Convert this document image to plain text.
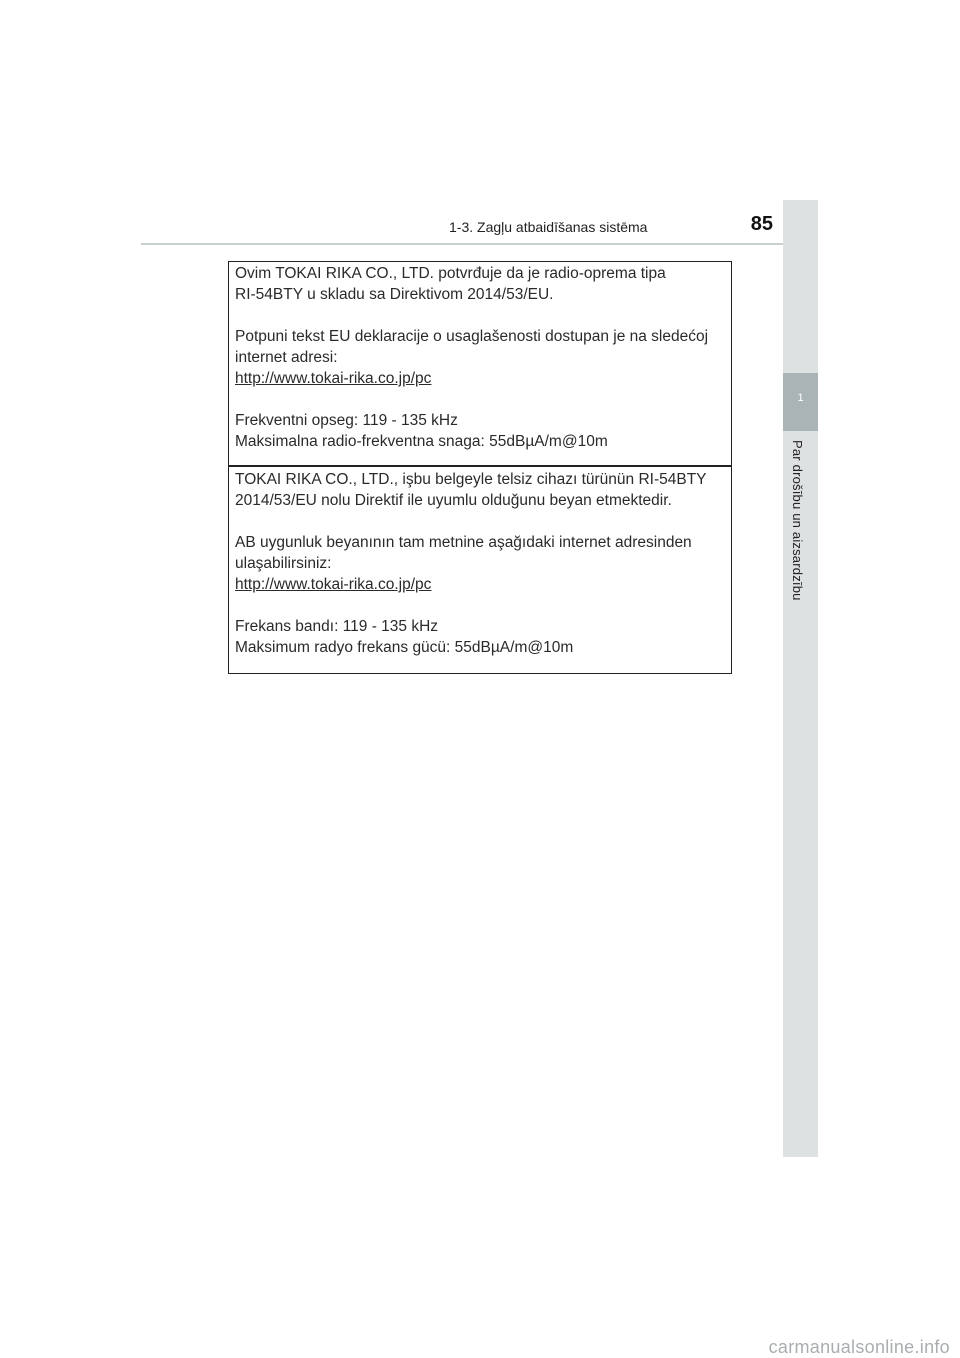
1-3. Zagļu atbaidīšanas sistēma	85
1
Par drošību un aizsardzību

Ovim TOKAI RIKA CO., LTD. potvrđuje da je radio-oprema tipa

RI-54BTY u skladu sa Direktivom 2014/53/EU.

Potpuni tekst EU deklaracije o usaglašenosti dostupan je na sledećoj

internet adresi:

http://www.tokai-rika.co.jp/pc

Frekventni opseg: 119 - 135 kHz

Maksimalna radio-frekventna snaga: 55dBµA/m@10m

TOKAI RIKA CO., LTD., işbu belgeyle telsiz cihazı türünün RI-54BTY

2014/53/EU nolu Direktif ile uyumlu olduğunu beyan etmektedir.

AB uygunluk beyanının tam metnine aşağıdaki internet adresinden

ulaşabilirsiniz:

http://www.tokai-rika.co.jp/pc

Frekans bandı: 119 - 135 kHz

Maksimum radyo frekans gücü: 55dBµA/m@10m

carmanualsonline.info
